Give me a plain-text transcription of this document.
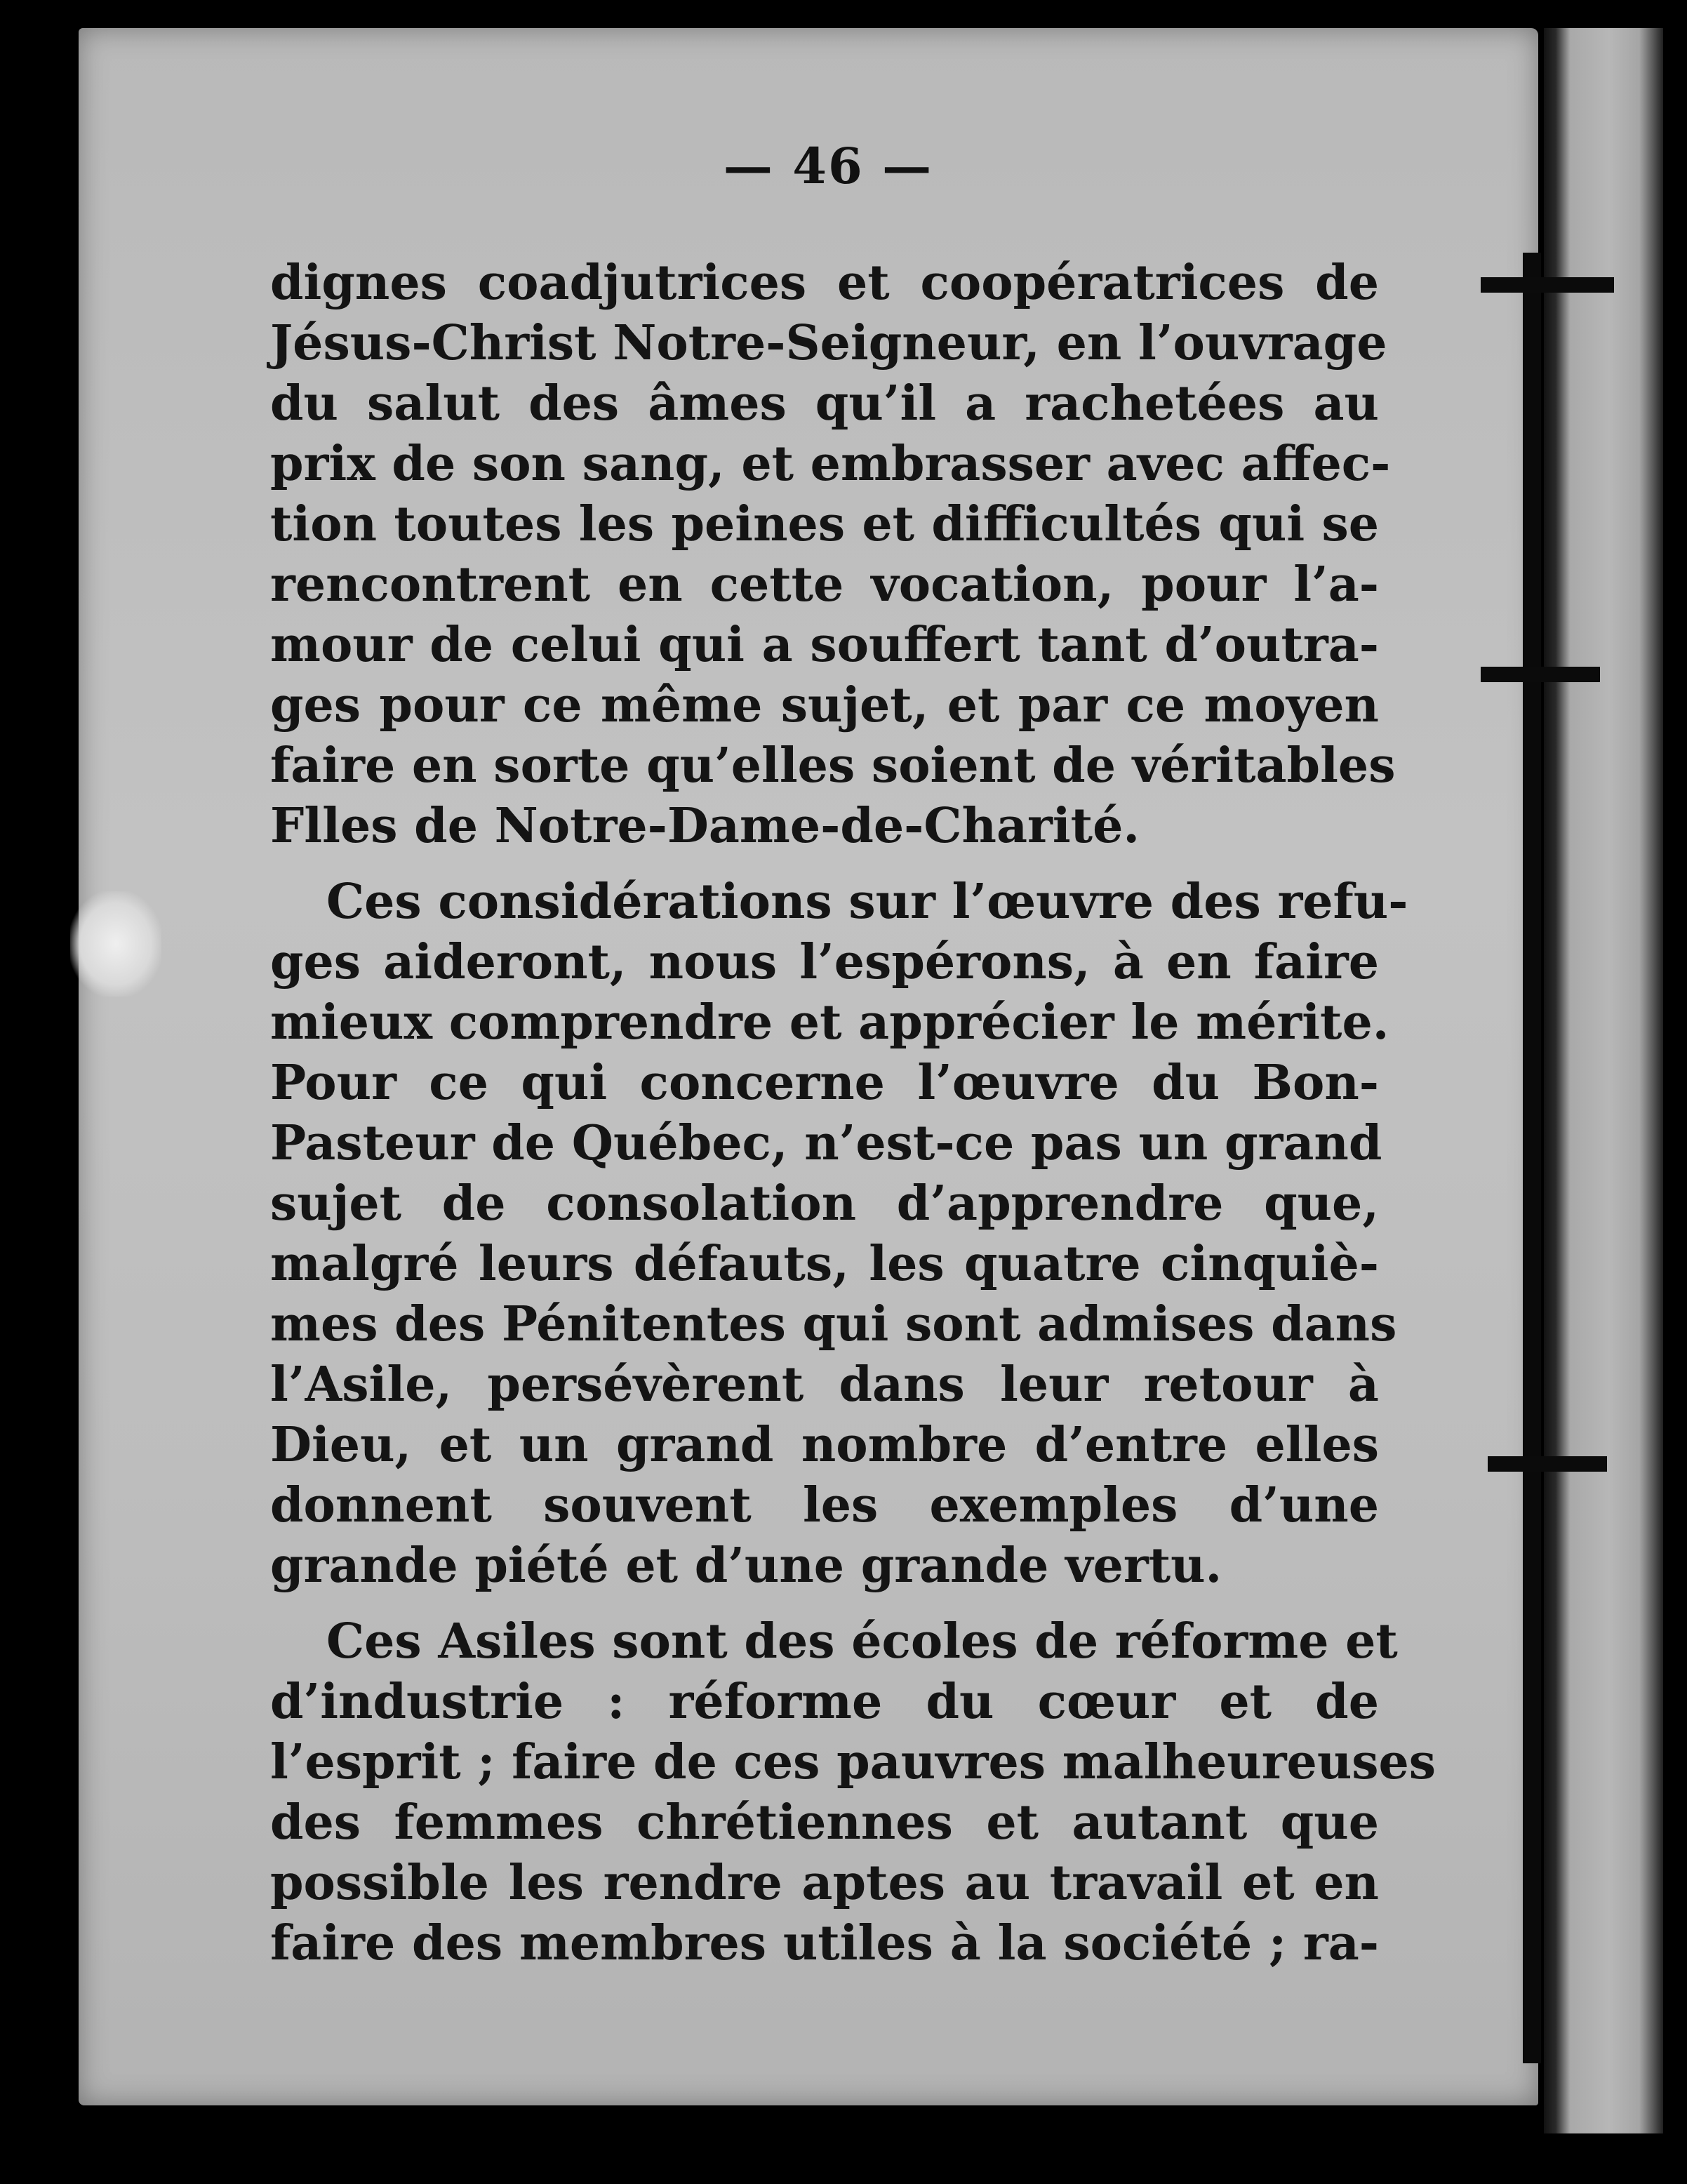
— 46 —
dignes coadjutrices et coopératrices de
Jésus-Christ Notre-Seigneur, en l’ouvrage
du salut des âmes qu’il a rachetées au
prix de son sang, et embrasser avec affec-
tion toutes les peines et difficultés qui se
rencontrent en cette vocation, pour l’a-
mour de celui qui a souffert tant d’outra-
ges pour ce même sujet, et par ce moyen
faire en sorte qu’elles soient de véritables
Flles de Notre-Dame-de-Charité.
Ces considérations sur l’œuvre des refu-
ges aideront, nous l’espérons, à en faire
mieux comprendre et apprécier le mérite.
Pour ce qui concerne l’œuvre du Bon-
Pasteur de Québec, n’est-ce pas un grand
sujet de consolation d’apprendre que,
malgré leurs défauts, les quatre cinquiè-
mes des Pénitentes qui sont admises dans
l’Asile, persévèrent dans leur retour à
Dieu, et un grand nombre d’entre elles
donnent souvent les exemples d’une
grande piété et d’une grande vertu.
Ces Asiles sont des écoles de réforme et
d’industrie : réforme du cœur et de
l’esprit ; faire de ces pauvres malheureuses
des femmes chrétiennes et autant que
possible les rendre aptes au travail et en
faire des membres utiles à la société ; ra-
